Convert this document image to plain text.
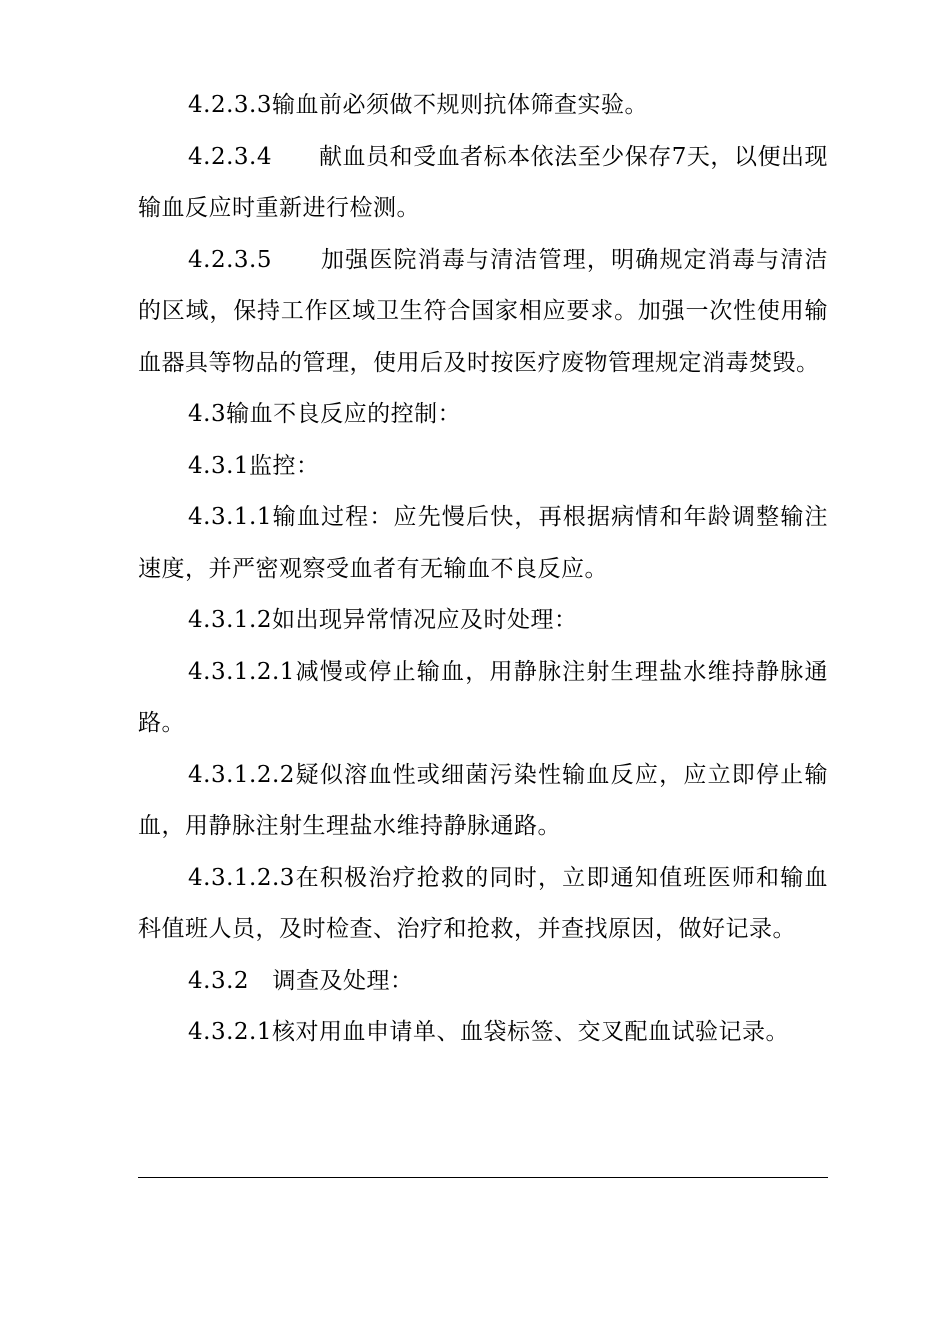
4.2.3.3输血前必须做不规则抗体筛查实验。

4.2.3.4　　献血员和受血者标本依法至少保存7天，以便出现输血反应时重新进行检测。

4.2.3.5　　加强医院消毒与清洁管理，明确规定消毒与清洁的区域，保持工作区域卫生符合国家相应要求。加强一次性使用输血器具等物品的管理，使用后及时按医疗废物管理规定消毒焚毁。

4.3输血不良反应的控制：

4.3.1监控：

4.3.1.1输血过程：应先慢后快，再根据病情和年龄调整输注速度，并严密观察受血者有无输血不良反应。

4.3.1.2如出现异常情况应及时处理：

4.3.1.2.1减慢或停止输血，用静脉注射生理盐水维持静脉通路。

4.3.1.2.2疑似溶血性或细菌污染性输血反应，应立即停止输血，用静脉注射生理盐水维持静脉通路。

4.3.1.2.3在积极治疗抢救的同时，立即通知值班医师和输血科值班人员，及时检查、治疗和抢救，并查找原因，做好记录。

4.3.2　调查及处理：

4.3.2.1核对用血申请单、血袋标签、交叉配血试验记录。
